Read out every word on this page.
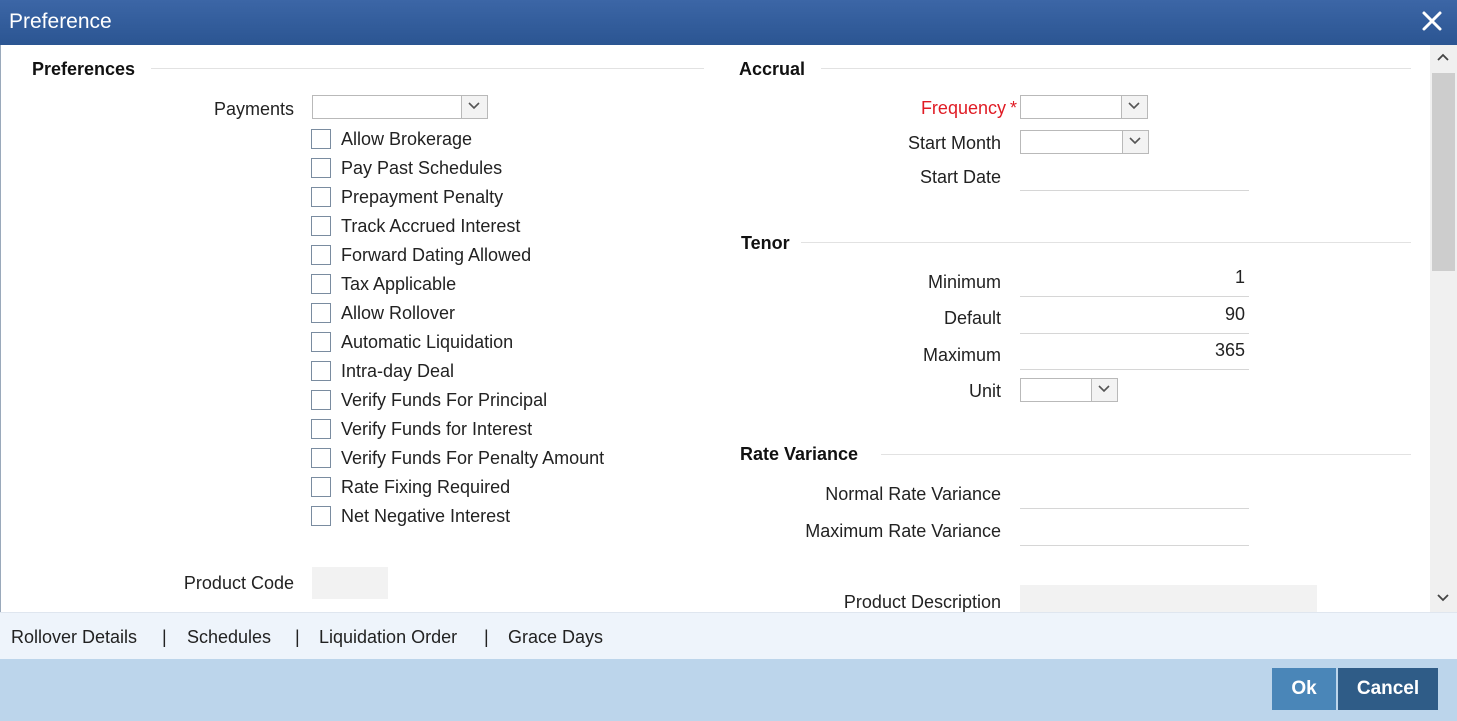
Preference
Preferences
Payments
Allow Brokerage
Pay Past Schedules
Prepayment Penalty
Track Accrued Interest
Forward Dating Allowed
Tax Applicable
Allow Rollover
Automatic Liquidation
Intra-day Deal
Verify Funds For Principal
Verify Funds for Interest
Verify Funds For Penalty Amount
Rate Fixing Required
Net Negative Interest
Product Code
Accrual
Frequency *
Start Month
Start Date
Tenor
Minimum	1
Default	90
Maximum	365
Unit
Rate Variance
Normal Rate Variance
Maximum Rate Variance
Product Description
Rollover Details | Schedules | Liquidation Order | Grace Days
Ok	Cancel
